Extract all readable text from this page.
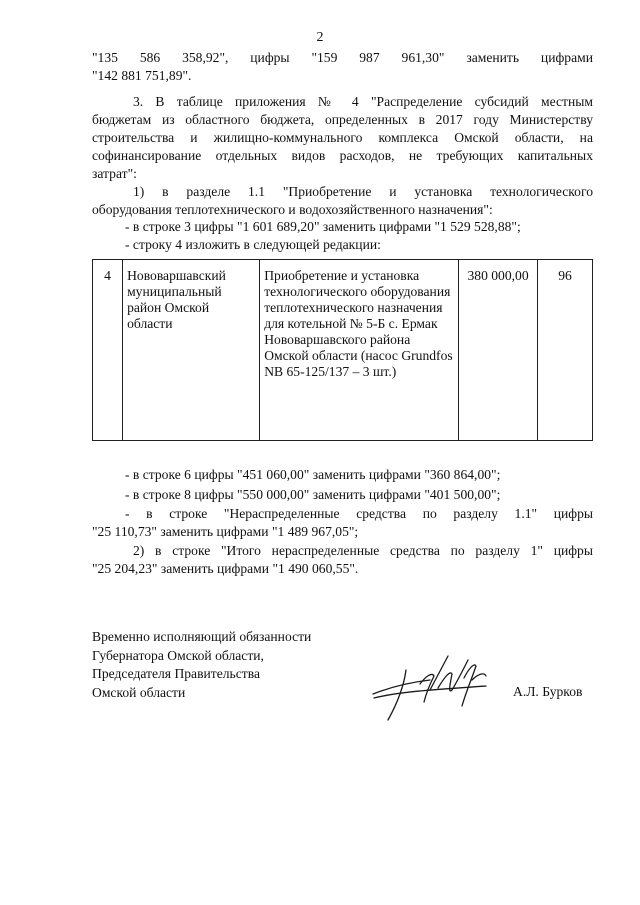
2
"135 586 358,92", цифры "159 987 961,30" заменить цифрами
"142 881 751,89".
3. В таблице приложения № 4 "Распределение субсидий местным
бюджетам из областного бюджета, определенных в 2017 году Министерству
строительства и жилищно-коммунального комплекса Омской области, на
софинансирование отдельных видов расходов, не требующих капитальных
затрат":
1) в разделе 1.1 "Приобретение и установка технологического
оборудования теплотехнического и водохозяйственного назначения":
- в строке 3 цифры "1 601 689,20" заменить цифрами "1 529 528,88";
- строку 4 изложить в следующей редакции:
4	Нововаршавский муниципальный район Омской области	Приобретение и установка технологического оборудования теплотехнического назначения для котельной № 5-Б с. Ермак Нововаршавского района Омской области (насос Grundfos NB 65-125/137 – 3 шт.)	380 000,00	96
- в строке 6 цифры "451 060,00" заменить цифрами "360 864,00";
- в строке 8 цифры "550 000,00" заменить цифрами "401 500,00";
- в строке "Нераспределенные средства по разделу 1.1" цифры
"25 110,73" заменить цифрами "1 489 967,05";
2) в строке "Итого нераспределенные средства по разделу 1" цифры
"25 204,23" заменить цифрами "1 490 060,55".
Временно исполняющий обязанности
Губернатора Омской области,
Председателя Правительства
Омской области	А.Л. Бурков
